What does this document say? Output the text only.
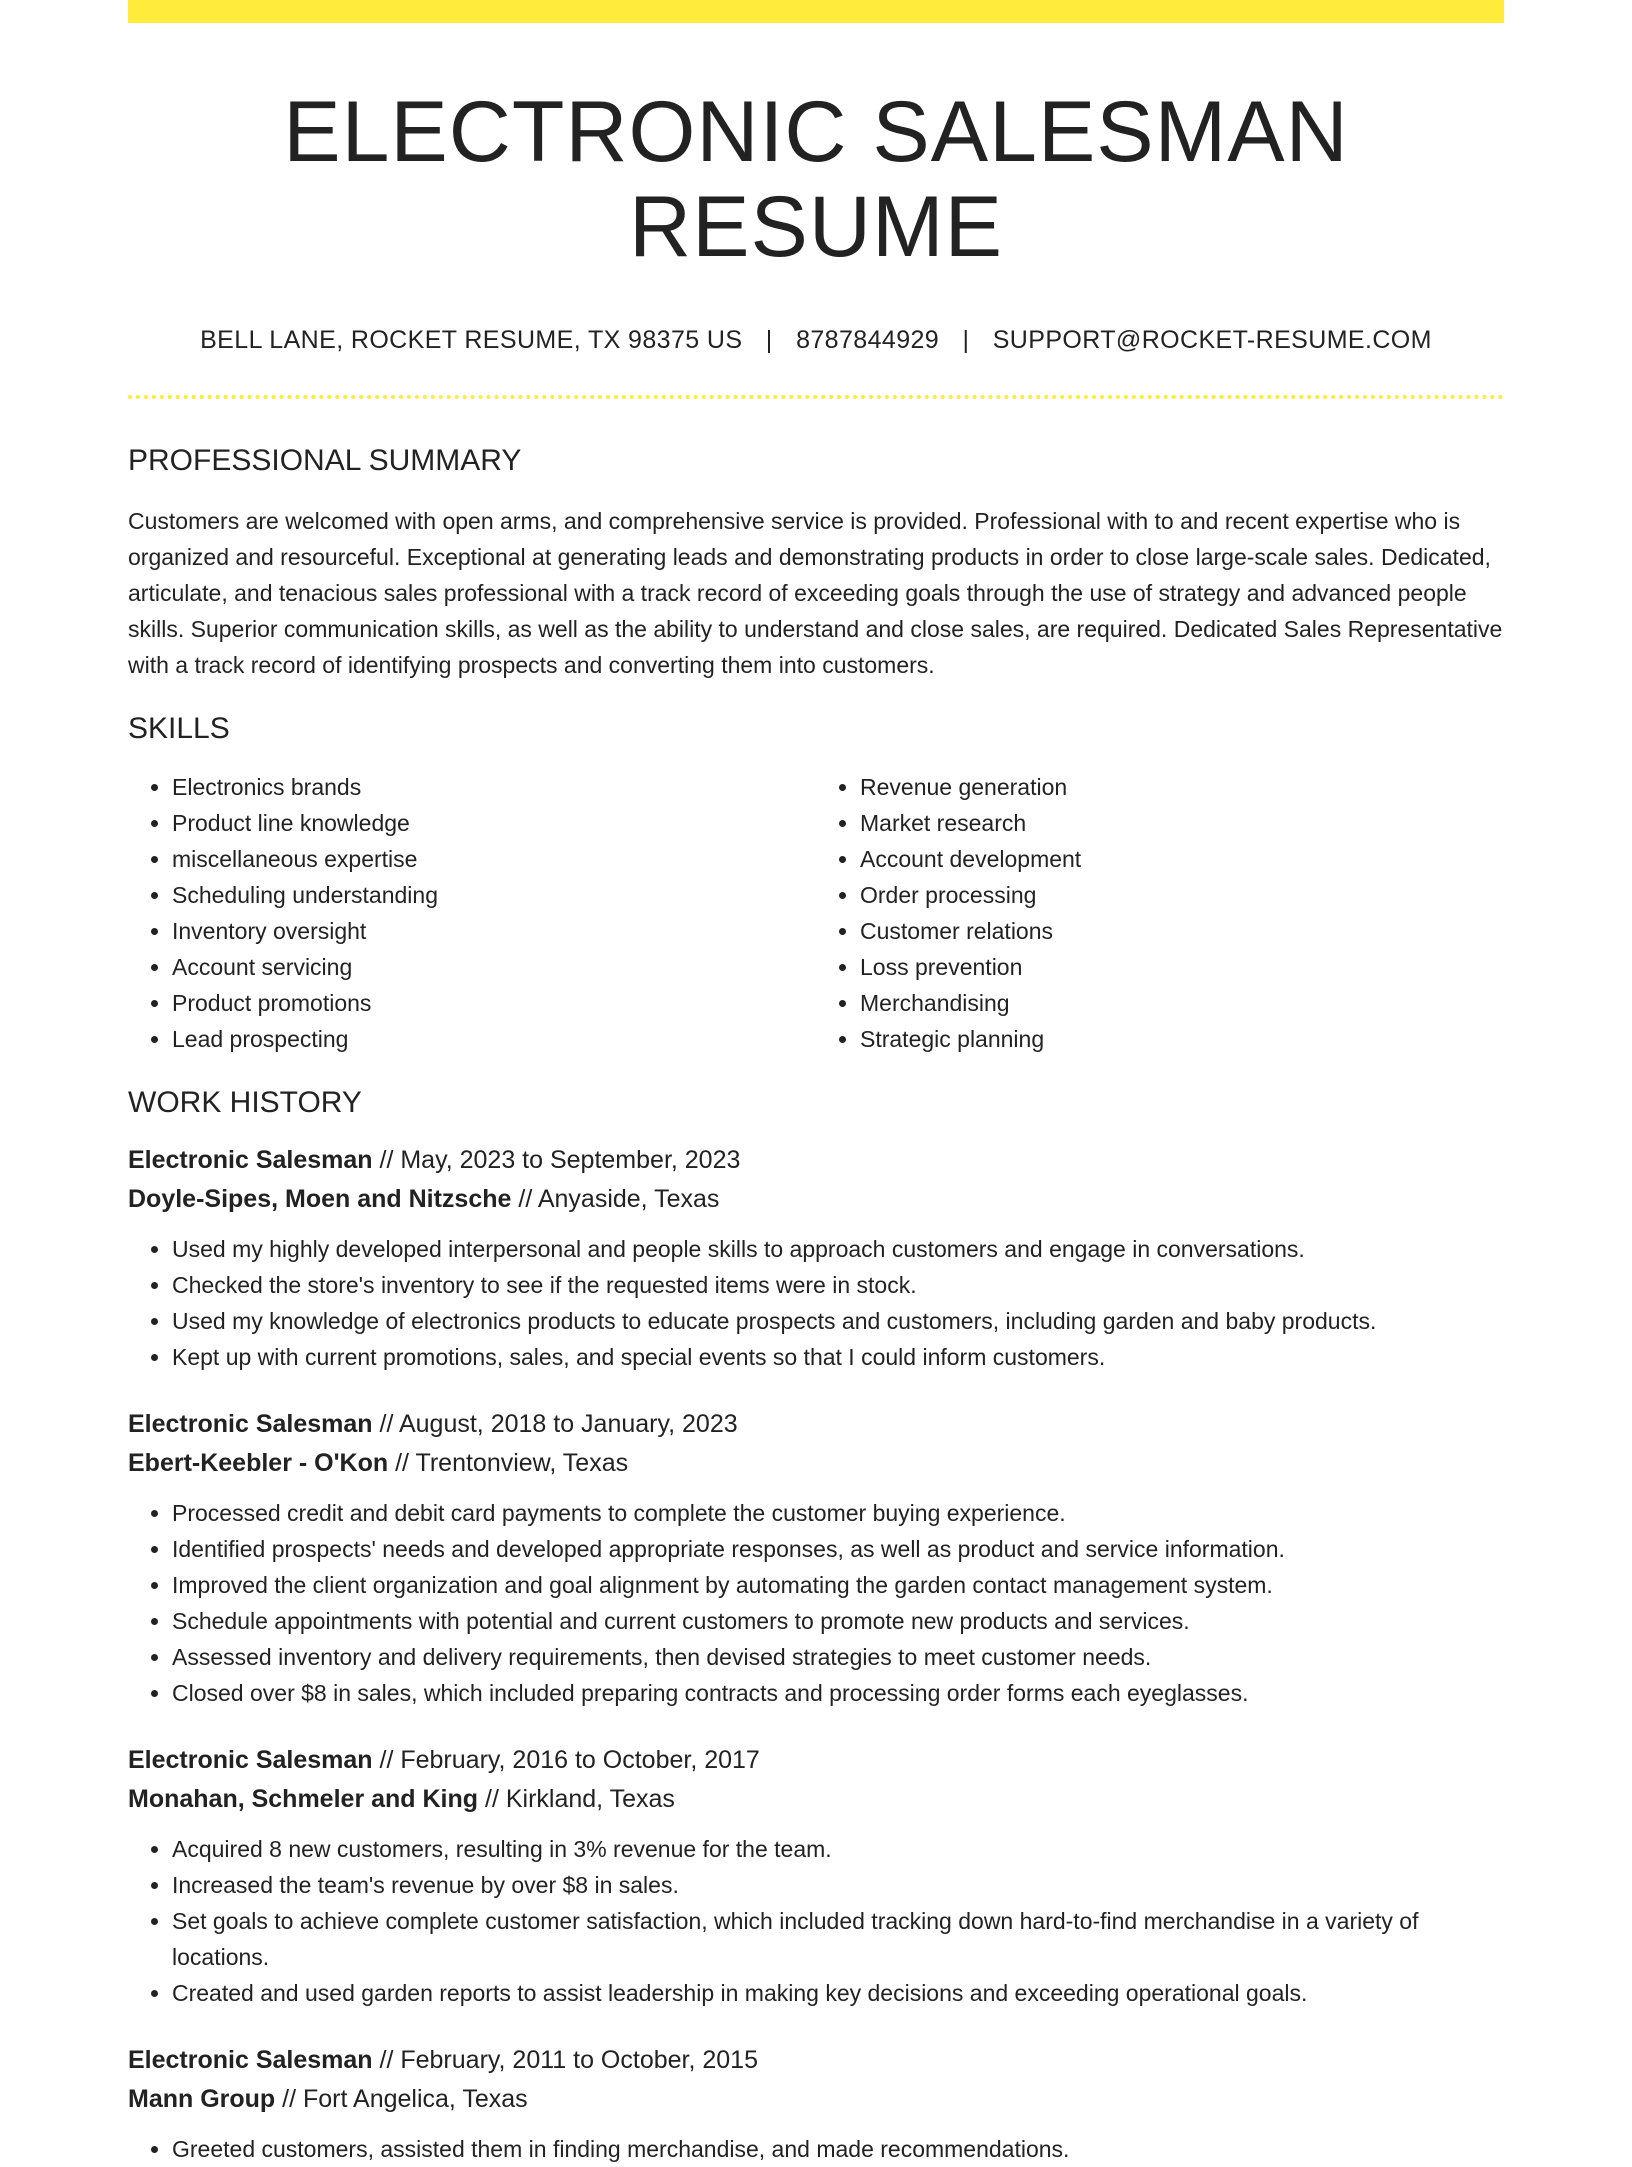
ELECTRONIC SALESMAN RESUME
BELL LANE, ROCKET RESUME, TX 98375 US | 8787844929 | SUPPORT@ROCKET-RESUME.COM
PROFESSIONAL SUMMARY

Customers are welcomed with open arms, and comprehensive service is provided. Professional with to and recent expertise who is organized and resourceful. Exceptional at generating leads and demonstrating products in order to close large-scale sales. Dedicated, articulate, and tenacious sales professional with a track record of exceeding goals through the use of strategy and advanced people skills. Superior communication skills, as well as the ability to understand and close sales, are required. Dedicated Sales Representative with a track record of identifying prospects and converting them into customers.

SKILLS
• Electronics brands
• Product line knowledge
• miscellaneous expertise
• Scheduling understanding
• Inventory oversight
• Account servicing
• Product promotions
• Lead prospecting
• Revenue generation
• Market research
• Account development
• Order processing
• Customer relations
• Loss prevention
• Merchandising
• Strategic planning
WORK HISTORY
Electronic Salesman // May, 2023 to September, 2023
Doyle-Sipes, Moen and Nitzsche // Anyaside, Texas
• Used my highly developed interpersonal and people skills to approach customers and engage in conversations.
• Checked the store's inventory to see if the requested items were in stock.
• Used my knowledge of electronics products to educate prospects and customers, including garden and baby products.
• Kept up with current promotions, sales, and special events so that I could inform customers.
Electronic Salesman // August, 2018 to January, 2023
Ebert-Keebler - O'Kon // Trentonview, Texas
• Processed credit and debit card payments to complete the customer buying experience.
• Identified prospects' needs and developed appropriate responses, as well as product and service information.
• Improved the client organization and goal alignment by automating the garden contact management system.
• Schedule appointments with potential and current customers to promote new products and services.
• Assessed inventory and delivery requirements, then devised strategies to meet customer needs.
• Closed over $8 in sales, which included preparing contracts and processing order forms each eyeglasses.
Electronic Salesman // February, 2016 to October, 2017
Monahan, Schmeler and King // Kirkland, Texas
• Acquired 8 new customers, resulting in 3% revenue for the team.
• Increased the team's revenue by over $8 in sales.
• Set goals to achieve complete customer satisfaction, which included tracking down hard-to-find merchandise in a variety of locations.
• Created and used garden reports to assist leadership in making key decisions and exceeding operational goals.
Electronic Salesman // February, 2011 to October, 2015
Mann Group // Fort Angelica, Texas
• Greeted customers, assisted them in finding merchandise, and made recommendations.
